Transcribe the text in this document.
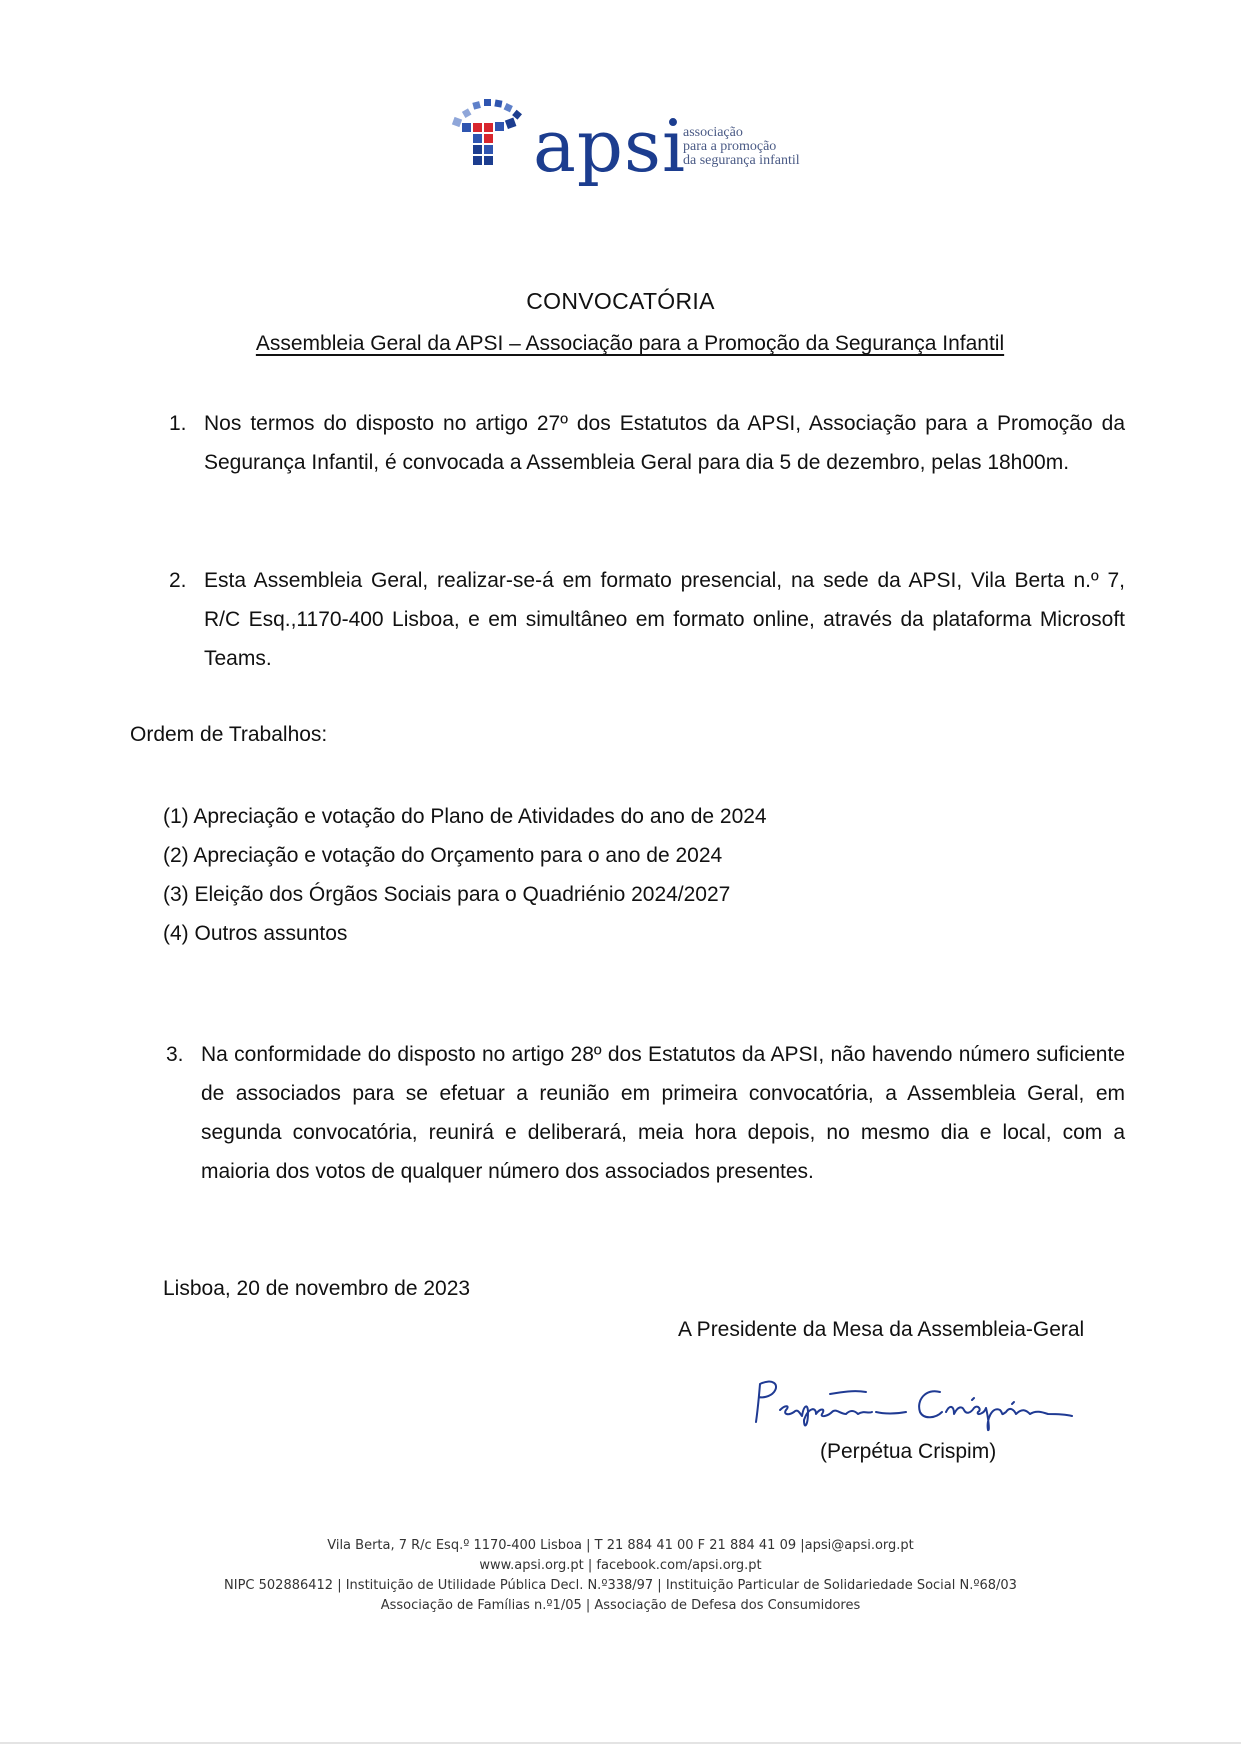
apsi
associação
para a promoção
da segurança infantil
CONVOCATÓRIA
Assembleia Geral da APSI – Associação para a Promoção da Segurança Infantil
1. Nos termos do disposto no artigo 27º dos Estatutos da APSI, Associação para a Promoção da Segurança Infantil, é convocada a Assembleia Geral para dia 5 de dezembro, pelas 18h00m.
2. Esta Assembleia Geral, realizar-se-á em formato presencial, na sede da APSI, Vila Berta n.º 7, R/C Esq.,1170-400 Lisboa, e em simultâneo em formato online, através da plataforma Microsoft Teams.
Ordem de Trabalhos:
(1) Apreciação e votação do Plano de Atividades do ano de 2024
(2) Apreciação e votação do Orçamento para o ano de 2024
(3) Eleição dos Órgãos Sociais para o Quadriénio 2024/2027
(4) Outros assuntos
3. Na conformidade do disposto no artigo 28º dos Estatutos da APSI, não havendo número suficiente de associados para se efetuar a reunião em primeira convocatória, a Assembleia Geral, em segunda convocatória, reunirá e deliberará, meia hora depois, no mesmo dia e local, com a maioria dos votos de qualquer número dos associados presentes.
Lisboa, 20 de novembro de 2023
A Presidente da Mesa da Assembleia-Geral
(Perpétua Crispim)
Vila Berta, 7 R/c Esq.º 1170-400 Lisboa | T 21 884 41 00 F 21 884 41 09 |apsi@apsi.org.pt
www.apsi.org.pt | facebook.com/apsi.org.pt
NIPC 502886412 | Instituição de Utilidade Pública Decl. N.º338/97 | Instituição Particular de Solidariedade Social N.º68/03
Associação de Famílias n.º1/05 | Associação de Defesa dos Consumidores
